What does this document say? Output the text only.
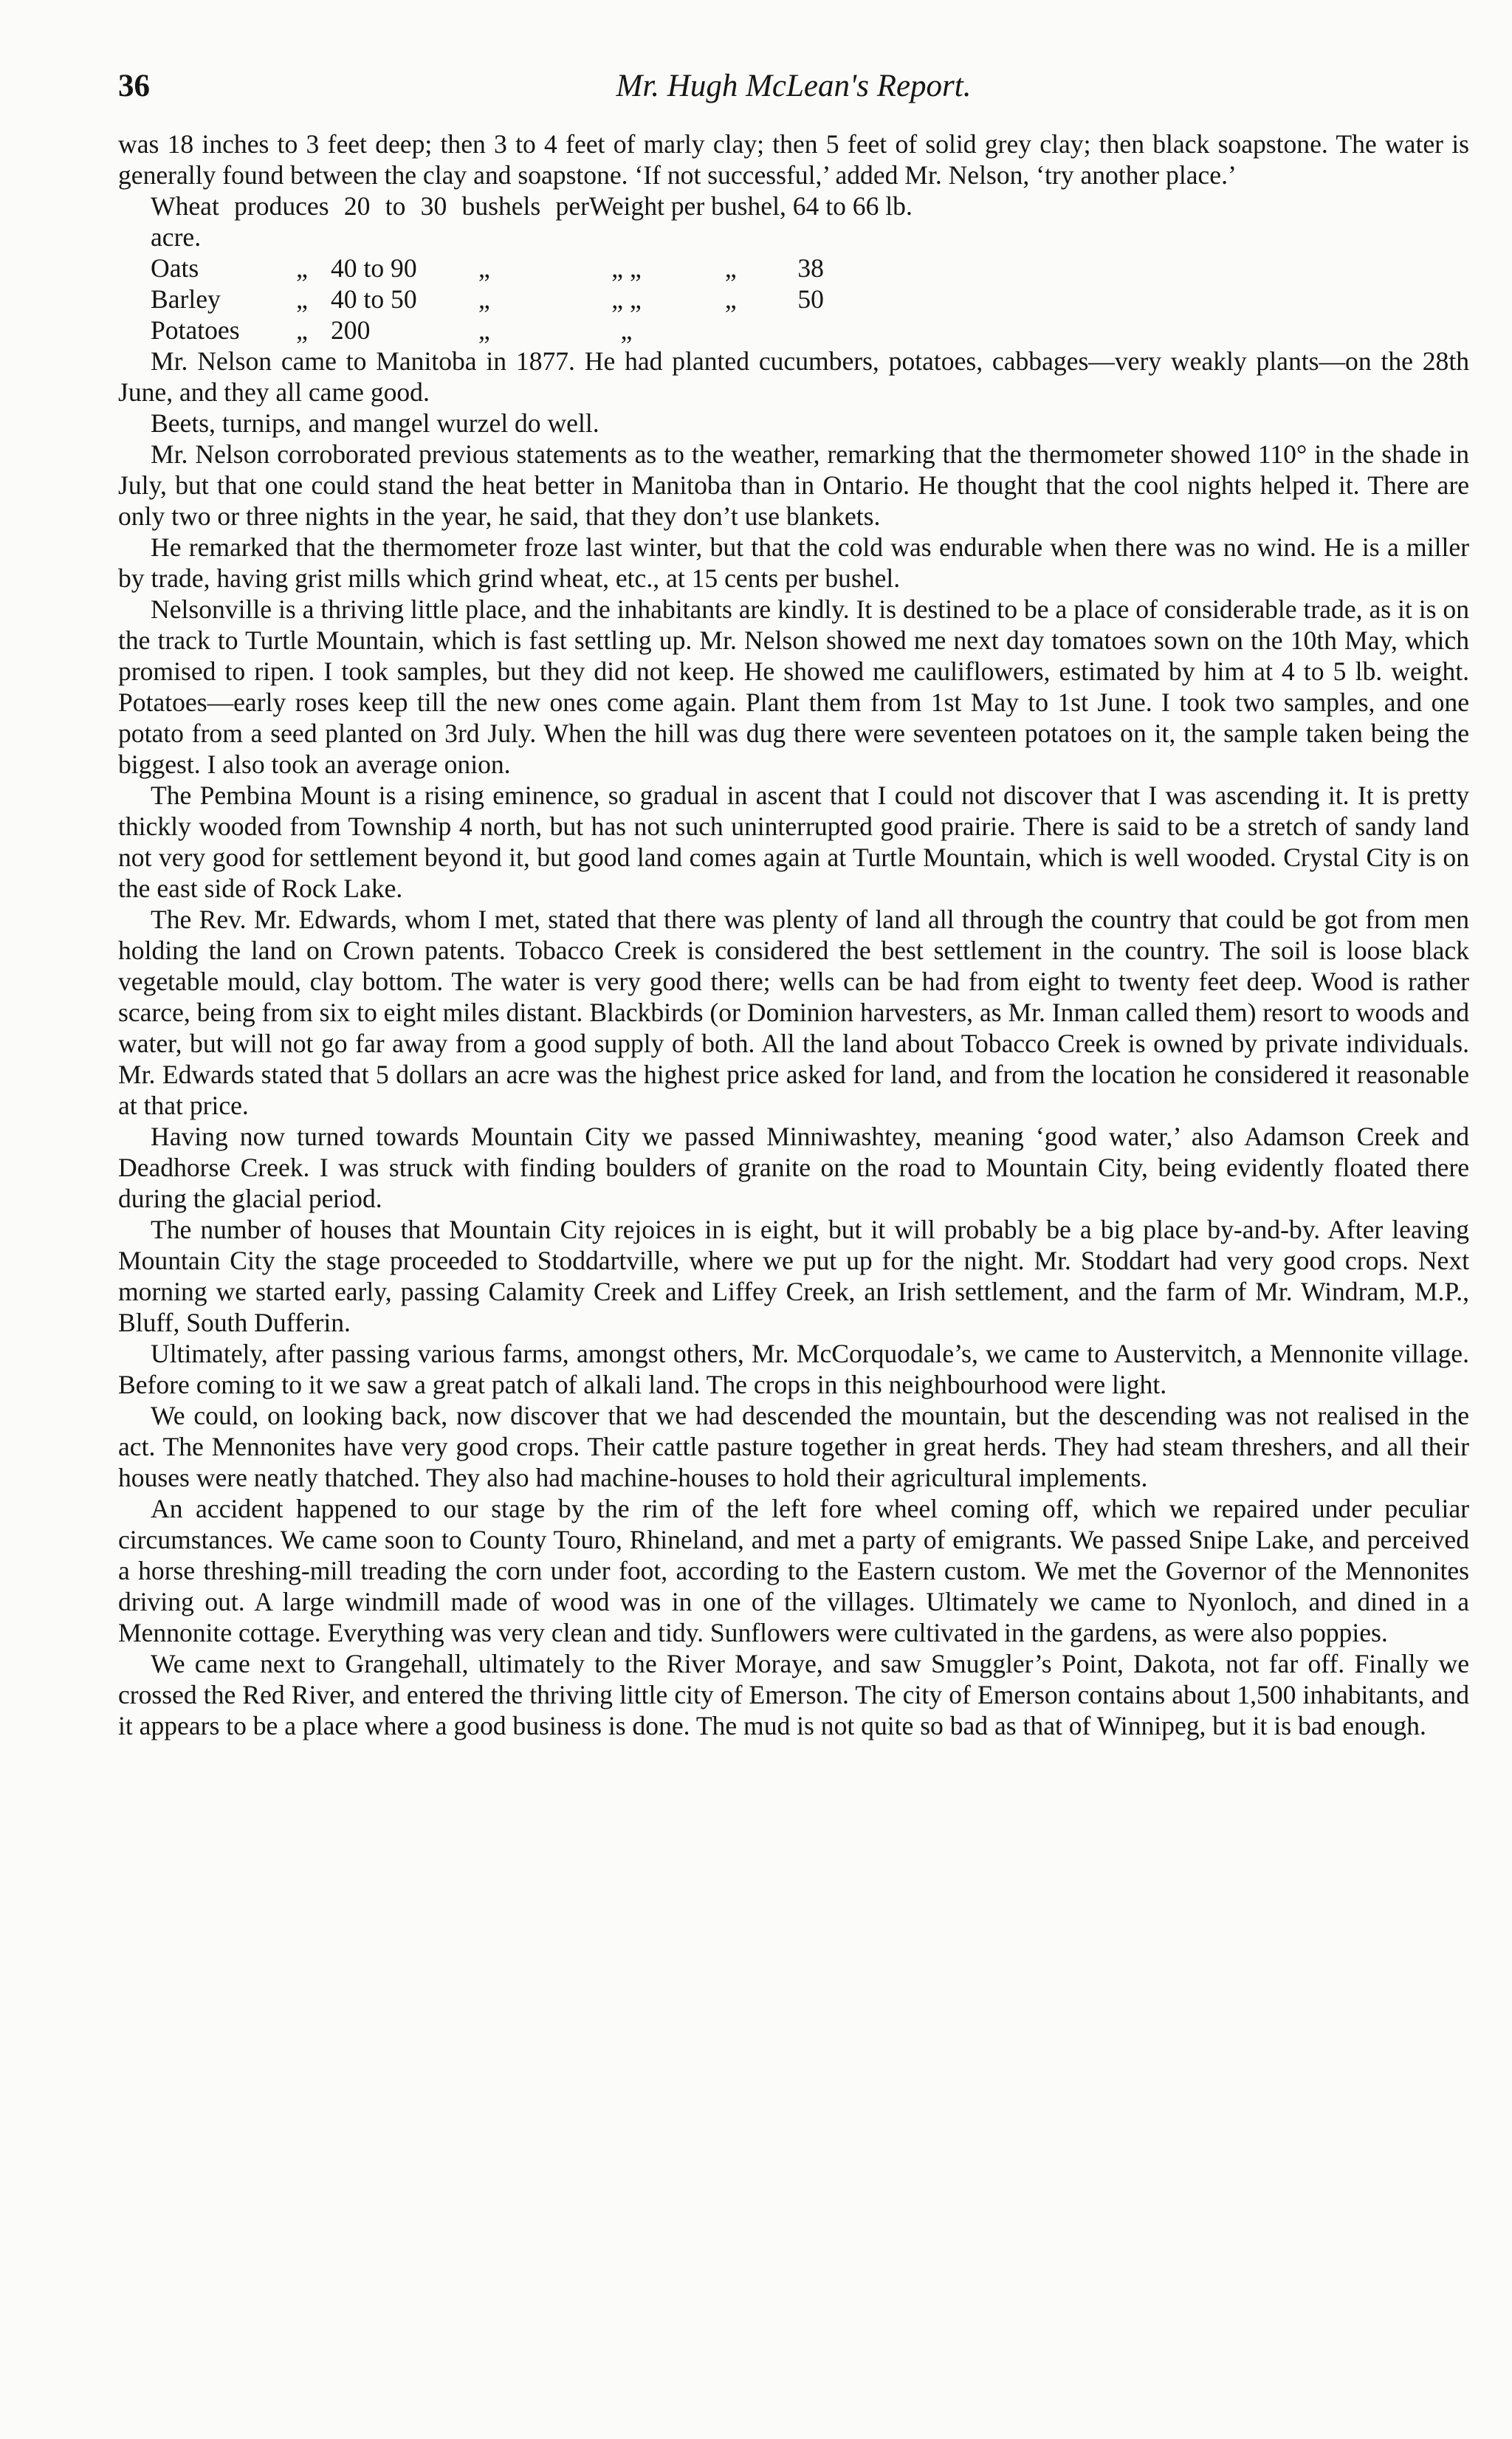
36	Mr. Hugh McLean's Report.

was 18 inches to 3 feet deep; then 3 to 4 feet of marly clay; then 5 feet of solid grey clay; then black soapstone. The water is generally found between the clay and soapstone. ‘If not successful,’ added Mr. Nelson, ‘try another place.’

Wheat produces 20 to 30 bushels per acre.				Weight per bushel, 64 to 66 lb.		
Oats	„	40 to 90	„	„ „	„	38
Barley	„	40 to 50	„	„ „	„	50
Potatoes	„	200	„	„		

Mr. Nelson came to Manitoba in 1877. He had planted cucumbers, potatoes, cabbages—very weakly plants—on the 28th June, and they all came good.

Beets, turnips, and mangel wurzel do well.

Mr. Nelson corroborated previous statements as to the weather, remarking that the thermometer showed 110° in the shade in July, but that one could stand the heat better in Manitoba than in Ontario. He thought that the cool nights helped it. There are only two or three nights in the year, he said, that they don’t use blankets.

He remarked that the thermometer froze last winter, but that the cold was endurable when there was no wind. He is a miller by trade, having grist mills which grind wheat, etc., at 15 cents per bushel.

Nelsonville is a thriving little place, and the inhabitants are kindly. It is destined to be a place of considerable trade, as it is on the track to Turtle Mountain, which is fast settling up. Mr. Nelson showed me next day tomatoes sown on the 10th May, which promised to ripen. I took samples, but they did not keep. He showed me cauliflowers, estimated by him at 4 to 5 lb. weight. Potatoes—early roses keep till the new ones come again. Plant them from 1st May to 1st June. I took two samples, and one potato from a seed planted on 3rd July. When the hill was dug there were seventeen potatoes on it, the sample taken being the biggest. I also took an average onion.

The Pembina Mount is a rising eminence, so gradual in ascent that I could not discover that I was ascending it. It is pretty thickly wooded from Township 4 north, but has not such uninterrupted good prairie. There is said to be a stretch of sandy land not very good for settlement beyond it, but good land comes again at Turtle Mountain, which is well wooded. Crystal City is on the east side of Rock Lake.

The Rev. Mr. Edwards, whom I met, stated that there was plenty of land all through the country that could be got from men holding the land on Crown patents. Tobacco Creek is considered the best settlement in the country. The soil is loose black vegetable mould, clay bottom. The water is very good there; wells can be had from eight to twenty feet deep. Wood is rather scarce, being from six to eight miles distant. Blackbirds (or Dominion harvesters, as Mr. Inman called them) resort to woods and water, but will not go far away from a good supply of both. All the land about Tobacco Creek is owned by private individuals. Mr. Edwards stated that 5 dollars an acre was the highest price asked for land, and from the location he considered it reasonable at that price.

Having now turned towards Mountain City we passed Minniwashtey, meaning ‘good water,’ also Adamson Creek and Deadhorse Creek. I was struck with finding boulders of granite on the road to Mountain City, being evidently floated there during the glacial period.

The number of houses that Mountain City rejoices in is eight, but it will probably be a big place by-and-by. After leaving Mountain City the stage proceeded to Stoddartville, where we put up for the night. Mr. Stoddart had very good crops. Next morning we started early, passing Calamity Creek and Liffey Creek, an Irish settlement, and the farm of Mr. Windram, M.P., Bluff, South Dufferin.

Ultimately, after passing various farms, amongst others, Mr. McCorquodale’s, we came to Austervitch, a Mennonite village. Before coming to it we saw a great patch of alkali land. The crops in this neighbourhood were light.

We could, on looking back, now discover that we had descended the mountain, but the descending was not realised in the act. The Mennonites have very good crops. Their cattle pasture together in great herds. They had steam threshers, and all their houses were neatly thatched. They also had machine-houses to hold their agricultural implements.

An accident happened to our stage by the rim of the left fore wheel coming off, which we repaired under peculiar circumstances. We came soon to County Touro, Rhineland, and met a party of emigrants. We passed Snipe Lake, and perceived a horse threshing-mill treading the corn under foot, according to the Eastern custom. We met the Governor of the Mennonites driving out. A large windmill made of wood was in one of the villages. Ultimately we came to Nyonloch, and dined in a Mennonite cottage. Everything was very clean and tidy. Sunflowers were cultivated in the gardens, as were also poppies.

We came next to Grangehall, ultimately to the River Moraye, and saw Smuggler’s Point, Dakota, not far off. Finally we crossed the Red River, and entered the thriving little city of Emerson. The city of Emerson contains about 1,500 inhabitants, and it appears to be a place where a good business is done. The mud is not quite so bad as that of Winnipeg, but it is bad enough.
